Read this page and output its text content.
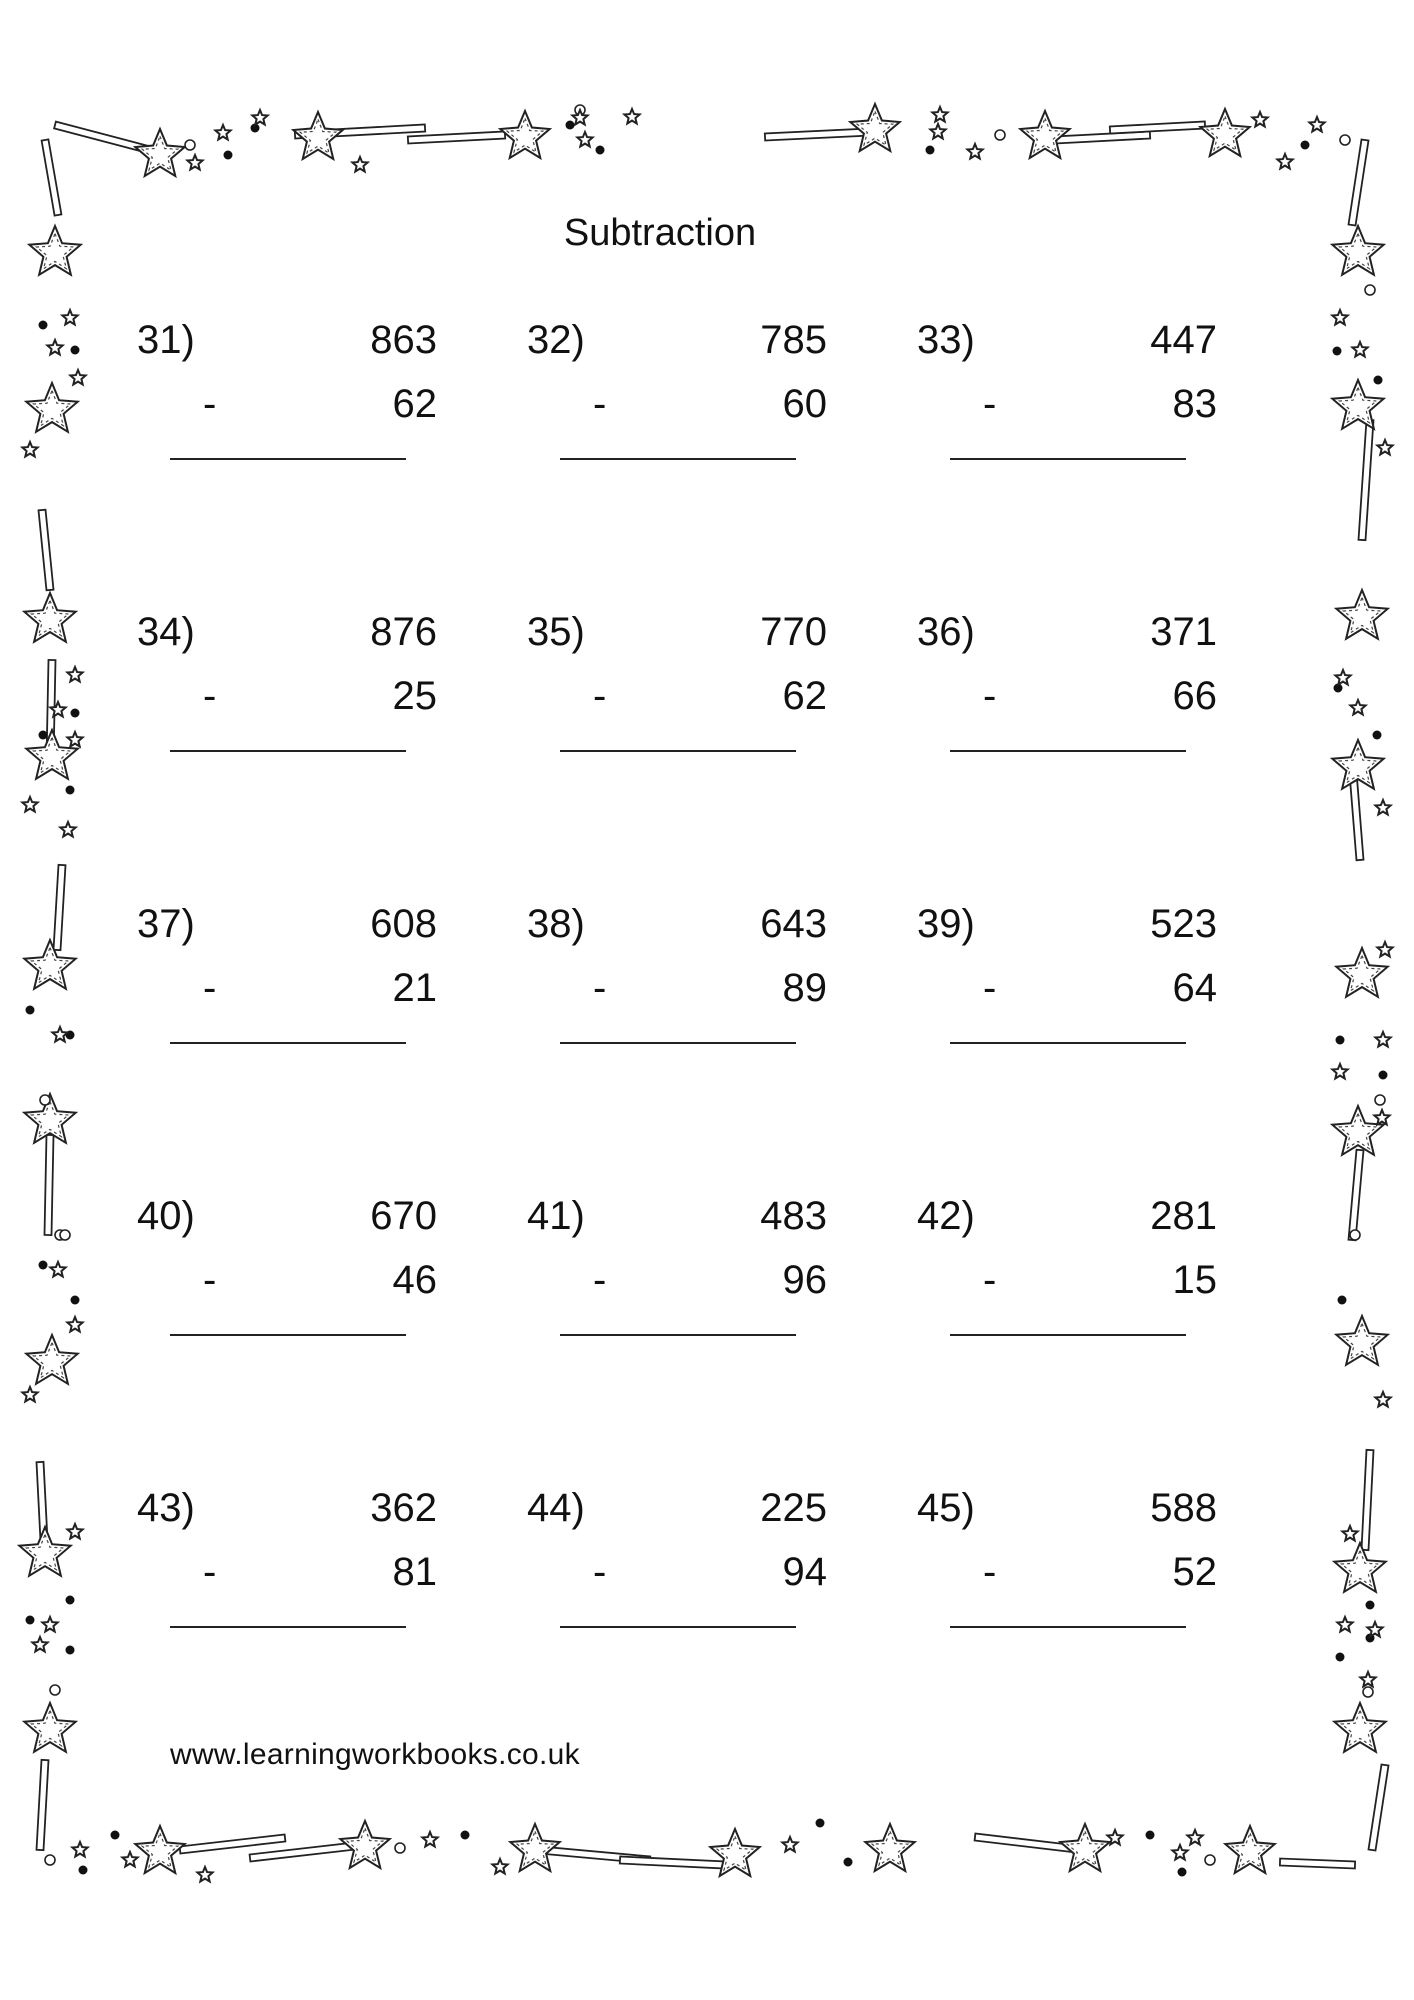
Subtraction
31)	863
-	62
32)	785
-	60
33)	447
-	83
34)	876
-	25
35)	770
-	62
36)	371
-	66
37)	608
-	21
38)	643
-	89
39)	523
-	64
40)	670
-	46
41)	483
-	96
42)	281
-	15
43)	362
-	81
44)	225
-	94
45)	588
-	52
www.learningworkbooks.co.uk
